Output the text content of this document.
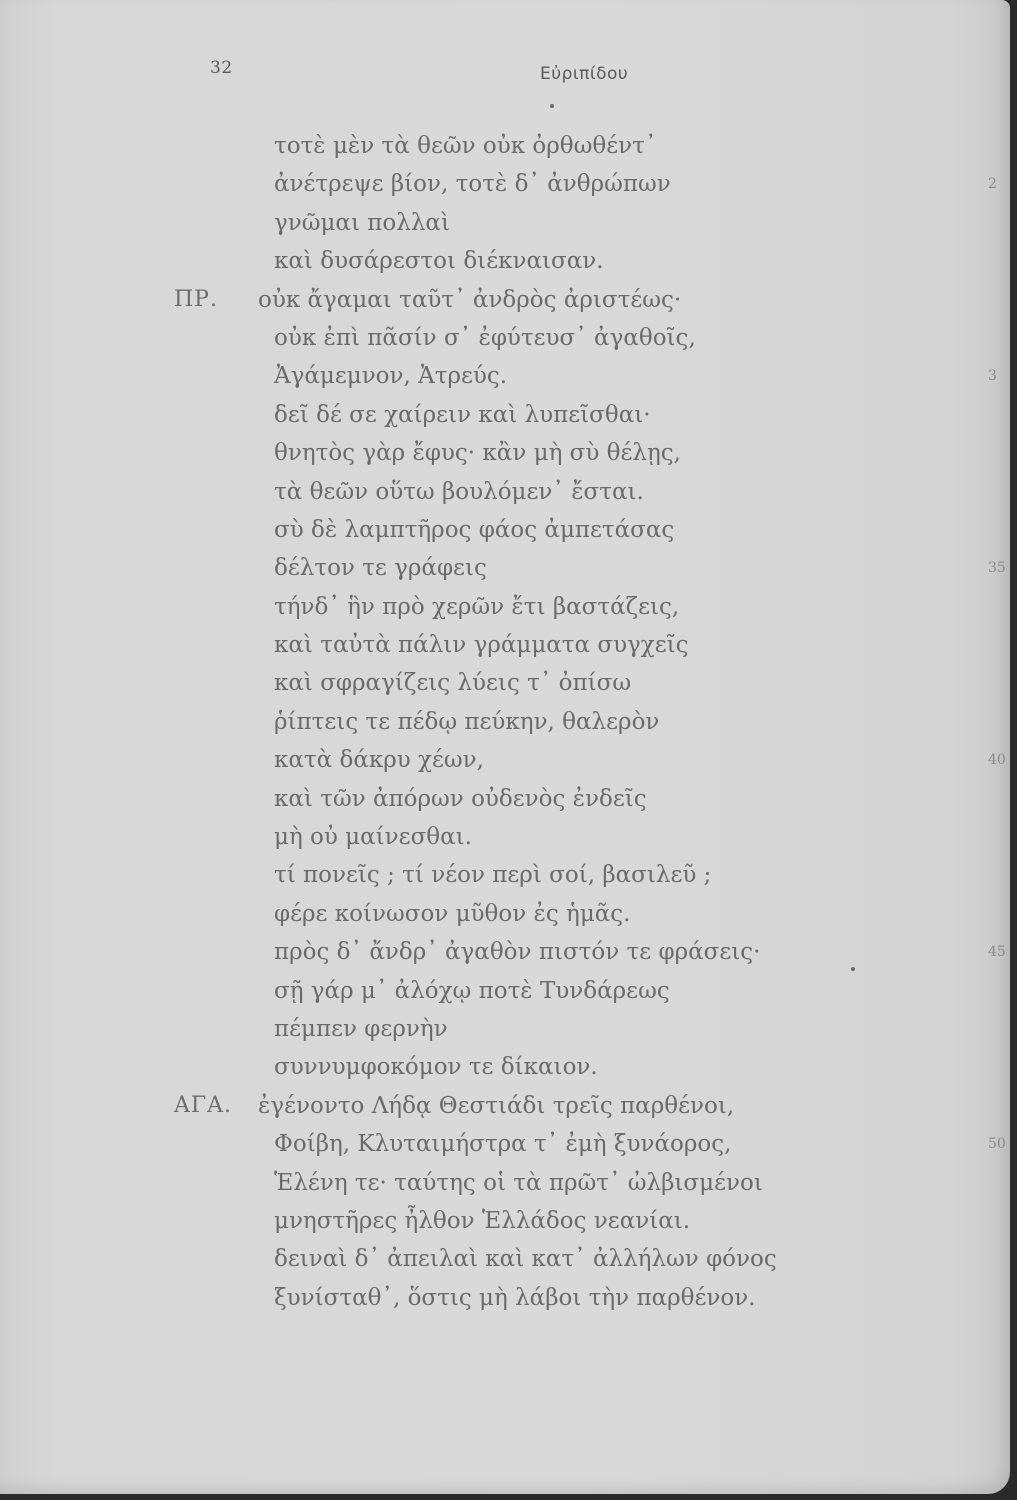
32	Εὐριπίδου
τοτὲ μὲν τὰ θεῶν οὐκ ὀρθωθέντ᾽
ἀνέτρεψε βίον, τοτὲ δ᾽ ἀνθρώπων	2
γνῶμαι πολλαὶ
καὶ δυσάρεστοι διέκναισαν.
ΠΡ. οὐκ ἄγαμαι ταῦτ᾽ ἀνδρὸς ἀριστέως·
οὐκ ἐπὶ πᾶσίν σ᾽ ἐφύτευσ᾽ ἀγαθοῖς,
Ἀγάμεμνον, Ἀτρεύς.	3
δεῖ δέ σε χαίρειν καὶ λυπεῖσθαι·
θνητὸς γὰρ ἔφυς· κἂν μὴ σὺ θέλῃς,
τὰ θεῶν οὕτω βουλόμεν᾽ ἔσται.
σὺ δὲ λαμπτῆρος φάος ἀμπετάσας
δέλτον τε γράφεις	35
τήνδ᾽ ἣν πρὸ χερῶν ἔτι βαστάζεις,
καὶ ταὐτὰ πάλιν γράμματα συγχεῖς
καὶ σφραγίζεις λύεις τ᾽ ὀπίσω
ῥίπτεις τε πέδῳ πεύκην, θαλερὸν
κατὰ δάκρυ χέων,	40
καὶ τῶν ἀπόρων οὐδενὸς ἐνδεῖς
μὴ οὐ μαίνεσθαι.
τί πονεῖς ; τί νέον περὶ σοί, βασιλεῦ ;
φέρε κοίνωσον μῦθον ἐς ἡμᾶς.
πρὸς δ᾽ ἄνδρ᾽ ἀγαθὸν πιστόν τε φράσεις·	45
σῇ γάρ μ᾽ ἀλόχῳ ποτὲ Τυνδάρεως
πέμπεν φερνὴν
συννυμφοκόμον τε δίκαιον.
ΑΓΑ. ἐγένοντο Λήδᾳ Θεστιάδι τρεῖς παρθένοι,
Φοίβη, Κλυταιμήστρα τ᾽ ἐμὴ ξυνάορος,	50
Ἑλένη τε· ταύτης οἱ τὰ πρῶτ᾽ ὠλβισμένοι
μνηστῆρες ἦλθον Ἑλλάδος νεανίαι.
δειναὶ δ᾽ ἀπειλαὶ καὶ κατ᾽ ἀλλήλων φόνος
ξυνίσταθ᾽, ὅστις μὴ λάβοι τὴν παρθένον.
